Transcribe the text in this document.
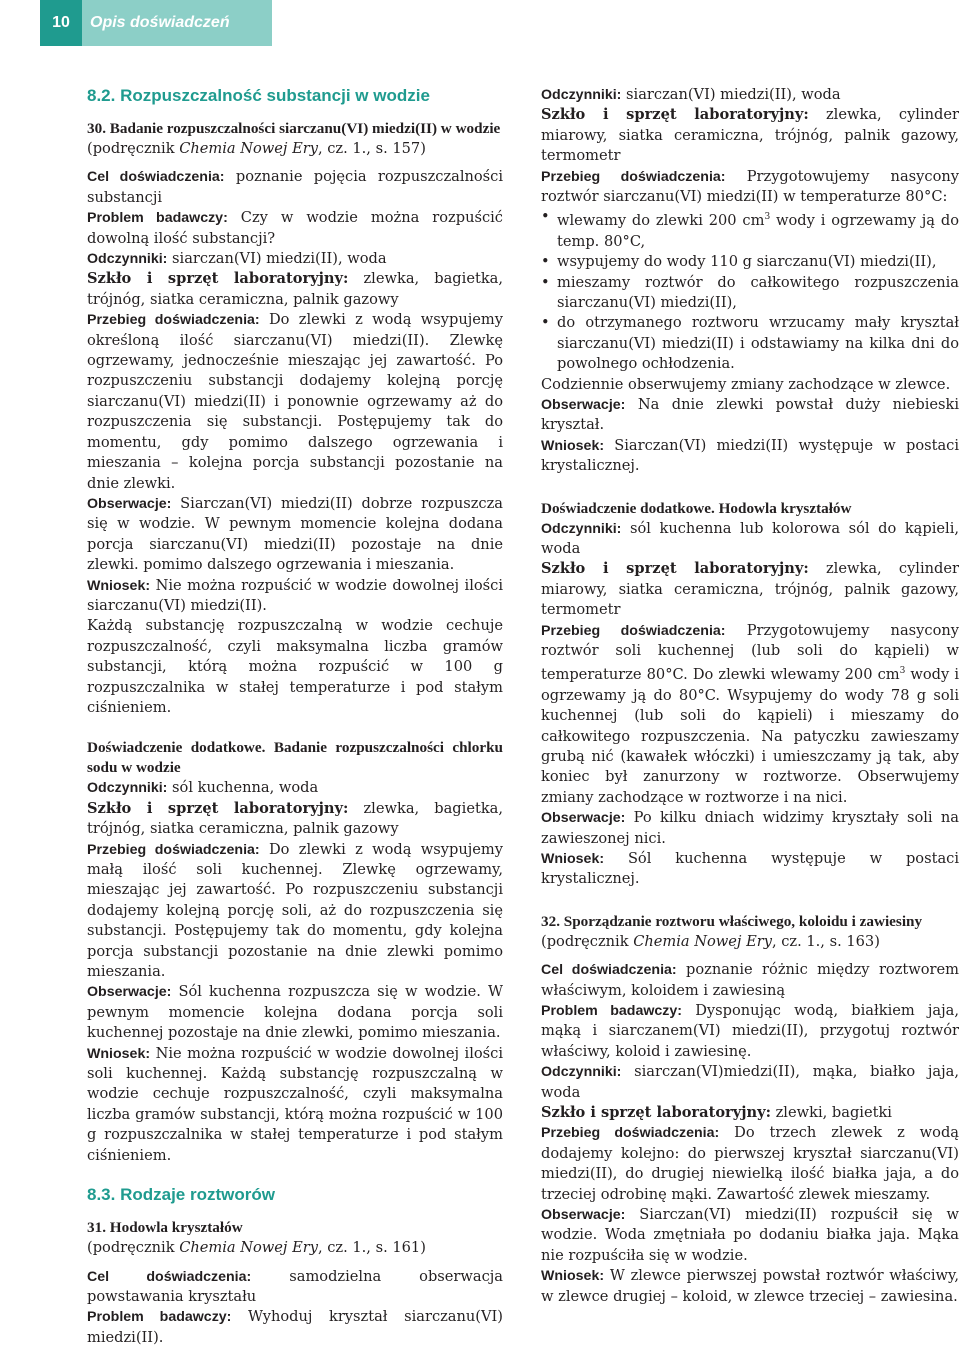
10	Opis doświadczeń
8.2. Rozpuszczalność substancji w wodzie

30. Badanie rozpuszczalności siarczanu(VI) miedzi(II) w wodzie

(podręcznik Chemia Nowej Ery, cz. 1., s. 157)

Cel doświadczenia: poznanie pojęcia rozpuszczalności substancji

Problem badawczy: Czy w wodzie można rozpuścić dowolną ilość substancji?

Odczynniki: siarczan(VI) miedzi(II), woda

Szkło i sprzęt laboratoryjny: zlewka, bagietka, trójnóg, siatka ceramiczna, palnik gazowy

Przebieg doświadczenia: Do zlewki z wodą wsypujemy określoną ilość siarczanu(VI) miedzi(II). Zlewkę ogrzewamy, jednocześnie mieszając jej zawartość. Po rozpuszczeniu substancji dodajemy kolejną porcję siarczanu(VI) miedzi(II) i ponownie ogrzewamy aż do rozpuszczenia się substancji. Postępujemy tak do momentu, gdy pomimo dalszego ogrzewania i mieszania – kolejna porcja substancji pozostanie na dnie zlewki.

Obserwacje: Siarczan(VI) miedzi(II) dobrze rozpuszcza się w wodzie. W pewnym momencie kolejna dodana porcja siarczanu(VI) miedzi(II) pozostaje na dnie zlewki. pomimo dalszego ogrzewania i mieszania.

Wniosek: Nie można rozpuścić w wodzie dowolnej ilości siarczanu(VI) miedzi(II).

Każdą substancję rozpuszczalną w wodzie cechuje rozpuszczalność, czyli maksymalna liczba gramów substancji, którą można rozpuścić w 100 g rozpuszczalnika w stałej temperaturze i pod stałym ciśnieniem.

Doświadczenie dodatkowe. Badanie rozpuszczalności chlorku sodu w wodzie

Odczynniki: sól kuchenna, woda

Szkło i sprzęt laboratoryjny: zlewka, bagietka, trójnóg, siatka ceramiczna, palnik gazowy

Przebieg doświadczenia: Do zlewki z wodą wsypujemy małą ilość soli kuchennej. Zlewkę ogrzewamy, mieszając jej zawartość. Po rozpuszczeniu substancji dodajemy kolejną porcję soli, aż do rozpuszczenia się substancji. Postępujemy tak do momentu, gdy kolejna porcja substancji pozostanie na dnie zlewki pomimo mieszania.

Obserwacje: Sól kuchenna rozpuszcza się w wodzie. W pewnym momencie kolejna dodana porcja soli kuchennej pozostaje na dnie zlewki, pomimo mieszania.

Wniosek: Nie można rozpuścić w wodzie dowolnej ilości soli kuchennej. Każdą substancję rozpuszczalną w wodzie cechuje rozpuszczalność, czyli maksymalna liczba gramów substancji, którą można rozpuścić w 100 g rozpuszczalnika w stałej temperaturze i pod stałym ciśnieniem.

8.3. Rodzaje roztworów

31. Hodowla kryształów

(podręcznik Chemia Nowej Ery, cz. 1., s. 161)

Cel doświadczenia: samodzielna obserwacja powstawania kryształu

Problem badawczy: Wyhoduj kryształ siarczanu(VI) miedzi(II).

Odczynniki: siarczan(VI) miedzi(II), woda

Szkło i sprzęt laboratoryjny: zlewka, cylinder miarowy, siatka ceramiczna, trójnóg, palnik gazowy, termometr

Przebieg doświadczenia: Przygotowujemy nasycony roztwór siarczanu(VI) miedzi(II) w temperaturze 80°C:

• wlewamy do zlewki 200 $cm^3$ wody i ogrzewamy ją do temp. 80°C,
• wsypujemy do wody 110 g siarczanu(VI) miedzi(II),
• mieszamy roztwór do całkowitego rozpuszczenia siarczanu(VI) miedzi(II),
• do otrzymanego roztworu wrzucamy mały kryształ siarczanu(VI) miedzi(II) i odstawiamy na kilka dni do powolnego ochłodzenia.

Codziennie obserwujemy zmiany zachodzące w zlewce.

Obserwacje: Na dnie zlewki powstał duży niebieski kryształ.

Wniosek: Siarczan(VI) miedzi(II) występuje w postaci krystalicznej.

Doświadczenie dodatkowe. Hodowla kryształów

Odczynniki: sól kuchenna lub kolorowa sól do kąpieli, woda

Szkło i sprzęt laboratoryjny: zlewka, cylinder miarowy, siatka ceramiczna, trójnóg, palnik gazowy, termometr

Przebieg doświadczenia: Przygotowujemy nasycony roztwór soli kuchennej (lub soli do kąpieli) w temperaturze 80°C. Do zlewki wlewamy 200 $cm^3$ wody i ogrzewamy ją do 80°C. Wsypujemy do wody 78 g soli kuchennej (lub soli do kąpieli) i mieszamy do całkowitego rozpuszczenia. Na patyczku zawieszamy grubą nić (kawałek włóczki) i umieszczamy ją tak, aby koniec był zanurzony w roztworze. Obserwujemy zmiany zachodzące w roztworze i na nici.

Obserwacje: Po kilku dniach widzimy kryształy soli na zawieszonej nici.

Wniosek: Sól kuchenna występuje w postaci krystalicznej.

32. Sporządzanie roztworu właściwego, koloidu i zawiesiny

(podręcznik Chemia Nowej Ery, cz. 1., s. 163)

Cel doświadczenia: poznanie różnic między roztworem właściwym, koloidem i zawiesiną

Problem badawczy: Dysponując wodą, białkiem jaja, mąką i siarczanem(VI) miedzi(II), przygotuj roztwór właściwy, koloid i zawiesinę.

Odczynniki: siarczan(VI)miedzi(II), mąka, białko jaja, woda

Szkło i sprzęt laboratoryjny: zlewki, bagietki

Przebieg doświadczenia: Do trzech zlewek z wodą dodajemy kolejno: do pierwszej kryształ siarczanu(VI) miedzi(II), do drugiej niewielką ilość białka jaja, a do trzeciej odrobinę mąki. Zawartość zlewek mieszamy.

Obserwacje: Siarczan(VI) miedzi(II) rozpuścił się w wodzie. Woda zmętniała po dodaniu białka jaja. Mąka nie rozpuściła się w wodzie.

Wniosek: W zlewce pierwszej powstał roztwór właściwy, w zlewce drugiej – koloid, w zlewce trzeciej – zawiesina.
